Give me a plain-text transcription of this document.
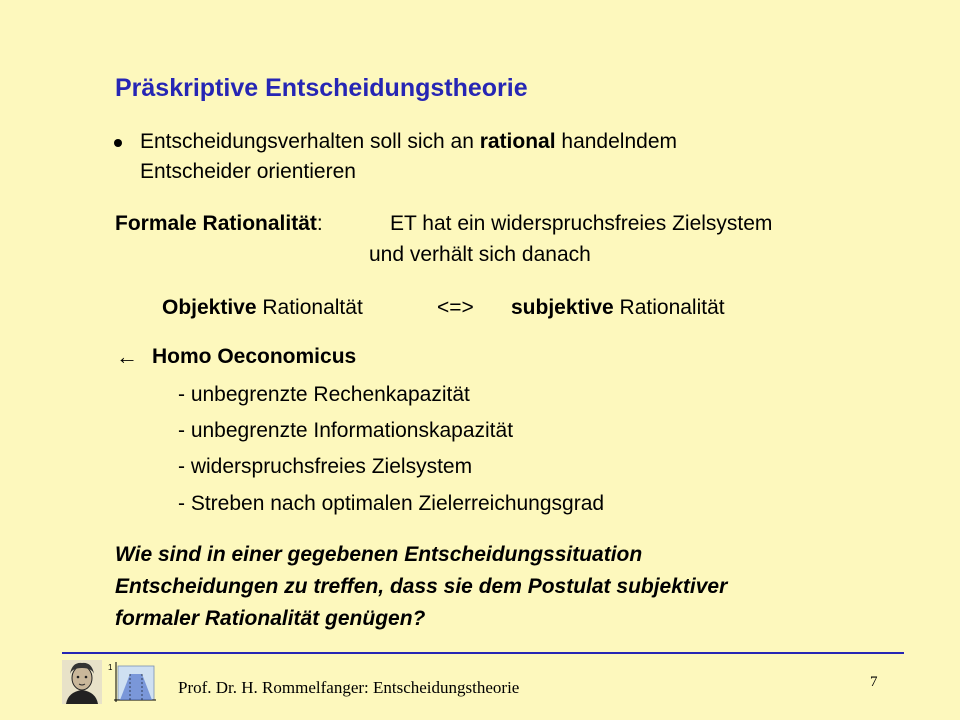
Präskriptive Entscheidungstheorie
Entscheidungsverhalten soll sich an rational handelndem
Entscheider orientieren
Formale Rationalität:	ET hat ein widerspruchsfreies Zielsystem
und verhält sich danach
Objektive Rationaltät	<=> subjektive Rationalität
← Homo Oeconomicus
- unbegrenzte Rechenkapazität
- unbegrenzte Informationskapazität
- widerspruchsfreies Zielsystem
- Streben nach optimalen Zielerreichungsgrad
Wie sind in einer gegebenen Entscheidungssituation
Entscheidungen zu treffen, dass sie dem Postulat subjektiver
formaler Rationalität genügen?
1
Prof. Dr. H. Rommelfanger: Entscheidungstheorie	7
